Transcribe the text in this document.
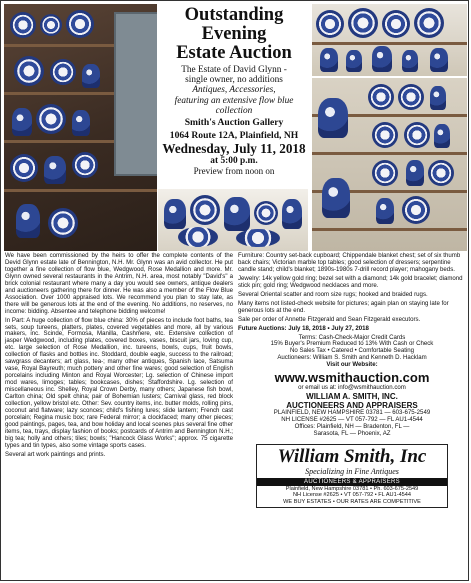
Outstanding
Evening
Estate Auction
The Estate of David Glynn -
single owner, no additions
Antiques, Accessories,
featuring an extensive flow blue collection
Smith's Auction Gallery
1064 Route 12A, Plainfield, NH
Wednesday, July 11, 2018
at 5:00 p.m.
Preview from noon on

We have been commissioned by the heirs to offer the complete contents of the Devid Glynn estate late of Bennington, N.H. Mr. Glynn was an avid collector. He put together a fine collection of flow blue, Wedgwood, Rose Medallion and more. Mr. Glynn owned several restaurants in the Antrim, N.H. area, most notably "David's" a brick colonial restaurant where many a day you would see owners, antique dealers and auctioneers gathering there for dinner. He was also a member of the Flow Blue Association. Over 1000 appraised lots. We recommend you plan to stay late, as there will be generous lots at the end of the evening. No additions, no reserves, no income: bidding. Absentee and telephone bidding welcome!

In Part: A huge collection of flow blue china: 30% of pieces to include foot baths, tea sets, soup tureens, platters, plates, covered vegetables and more, all by various makers, inc. Scinde, Formosa, Manilla, Cashmere, etc. Extensive collection of jasper Wedgwood, including plates, covered boxes, vases, biscuit jars, loving cup, etc. large selection of Rose Medallion, inc. tureens, bowls, cups, fruit bowls, collection of flasks and bottles inc. Stoddard, double eagle, success to the railroad; sawgrass decanters; art glass, tea-; many other antiques, Spanish lace, Satsuma vase, Royal Bayreuth; much pottery and other fine wares; good selection of English porcelains including Minton and Royal Worcester; Lg. selection of Chinese import mod wares, limoges; tables; bookcases, dishes; Staffordshire. Lg. selection of miscellaneous inc. Shelley, Royal Crown Derby, many others; Japanese fish bowl, Carlton china; Old spelt china; pair of Bohemian lusters; Carnival glass, red block collection, yellow bristol etc. Other: Sev. country items, inc. butter molds, rolling pins, coconut and flatware; lazy sconces; child's fishing lures; slide lantern; French cast porcelain; Regina music box; rare Federal mirror; a clockfaced; many other pieces; good paintings, pages, tea, and bow holiday and local scenes plus several fine other items, tea, trays, display fashion of books; postcards of Antrim and Bennington N.H.; big tea; holly and others; tiles; bowls; "Hancock Glass Works"; approx. 75 cigarette types and tin types, also some vintage sports cases.

Several art work paintings and prints.

Furniture: Country set-back cupboard; Chippendale blanket chest; set of six thumb back chairs; Victorian marble top tables; good selection of dressers; serpentine candle stand; child's blanket; 1890s-1980s 7-drill record player; mahogany beds.

Jewelry: 14k yellow gold ring; bezel set with a diamond; 14k gold bracelet; diamond stick pin; gold ring; Wedgwood necklaces and more.

Several Oriental scatter and room size rugs; hooked and braided rugs.

Many items not listed-check website for pictures; again plan on staying late for generous lots at the end.

Sale per order of Annette Fitzgerald and Sean Fitzgerald executors.

Future Auctions: July 18, 2018 • July 27, 2018

Terms: Cash-Check-Major Credit Cards
15% Buyer's Premium Reduced to 13% With Cash or Check
No Sales Tax • Catered • Comfortable Seating
Auctioneers: William S. Smith and Kenneth D. Hacklam
Visit our Website:
www.wsmithauction.com
or email us at: info@wsmithauction.com
WILLIAM A. SMITH, INC.
AUCTIONEERS AND APPRAISERS
PLAINFIELD, NEW HAMPSHIRE 03781 — 603-675-2549
NH LICENSE #2625 — VT 057-792 — FL AU1-4544
Offices: Plainfield, NH — Bradenton, FL —
Sarasota, FL — Phoenix, AZ
William Smith, Inc
Specializing in Fine Antiques
AUCTIONEERS & APPRAISERS
Plainfield, New Hampshire 03781 • Ph. 603-675-2549
NH License #2625 • VT 057-792 • FL AU1-4544
WE BUY ESTATES • OUR RATES ARE COMPETITIVE
